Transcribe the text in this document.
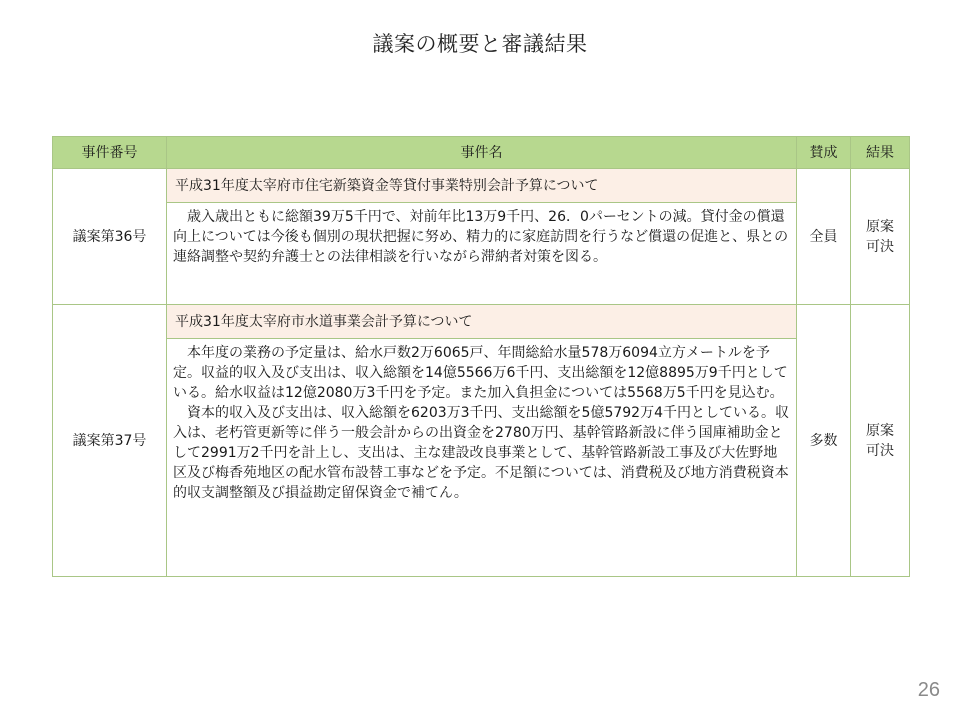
議案の概要と審議結果
事件番号	事件名	賛成	結果
議案第36号	平成31年度太宰府市住宅新築資金等貸付事業特別会計予算について	全員	原案
可決
	　歳入歳出ともに総額39万5千円で、対前年比13万9千円、26．0パーセントの減。貸付金の償還向上については今後も個別の現状把握に努め、精力的に家庭訪問を行うなど償還の促進と、県との連絡調整や契約弁護士との法律相談を行いながら滞納者対策を図る。		
議案第37号	平成31年度太宰府市水道事業会計予算について	多数	原案
可決
	　本年度の業務の予定量は、給水戸数2万6065戸、年間総給水量578万6094立方メートルを予定。収益的収入及び支出は、収入総額を14億5566万6千円、支出総額を12億8895万9千円としている。給水収益は12億2080万3千円を予定。また加入負担金については5568万5千円を見込む。
　資本的収入及び支出は、収入総額を6203万3千円、支出総額を5億5792万4千円としている。収入は、老朽管更新等に伴う一般会計からの出資金を2780万円、基幹管路新設に伴う国庫補助金として2991万2千円を計上し、支出は、主な建設改良事業として、基幹管路新設工事及び大佐野地区及び梅香苑地区の配水管布設替工事などを予定。不足額については、消費税及び地方消費税資本的収支調整額及び損益勘定留保資金で補てん。		
26
